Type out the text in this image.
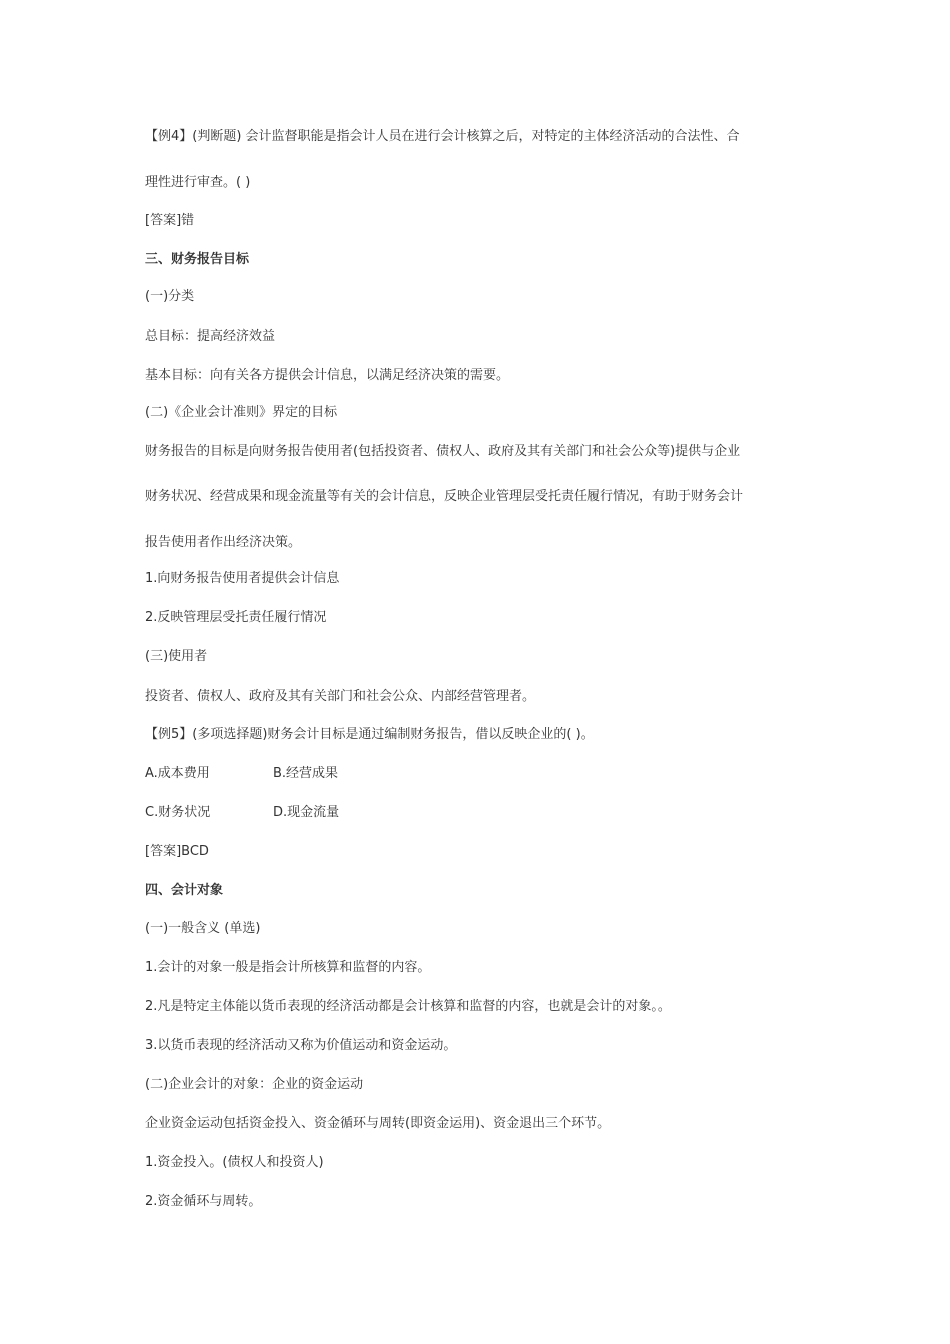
【例4】(判断题) 会计监督职能是指会计人员在进行会计核算之后，对特定的主体经济活动的合法性、合
理性进行审查。( )
[答案]错
三、财务报告目标
(一)分类
总目标：提高经济效益
基本目标：向有关各方提供会计信息，以满足经济决策的需要。
(二)《企业会计准则》界定的目标
财务报告的目标是向财务报告使用者(包括投资者、债权人、政府及其有关部门和社会公众等)提供与企业
财务状况、经营成果和现金流量等有关的会计信息，反映企业管理层受托责任履行情况，有助于财务会计
报告使用者作出经济决策。
1.向财务报告使用者提供会计信息
2.反映管理层受托责任履行情况
(三)使用者
投资者、债权人、政府及其有关部门和社会公众、内部经营管理者。
【例5】(多项选择题)财务会计目标是通过编制财务报告，借以反映企业的( )。
A.成本费用	B.经营成果
C.财务状况	D.现金流量
[答案]BCD
四、会计对象
(一)一般含义 (单选)
1.会计的对象一般是指会计所核算和监督的内容。
2.凡是特定主体能以货币表现的经济活动都是会计核算和监督的内容，也就是会计的对象。。
3.以货币表现的经济活动又称为价值运动和资金运动。
(二)企业会计的对象：企业的资金运动
企业资金运动包括资金投入、资金循环与周转(即资金运用)、资金退出三个环节。
1.资金投入。(债权人和投资人)
2.资金循环与周转。
